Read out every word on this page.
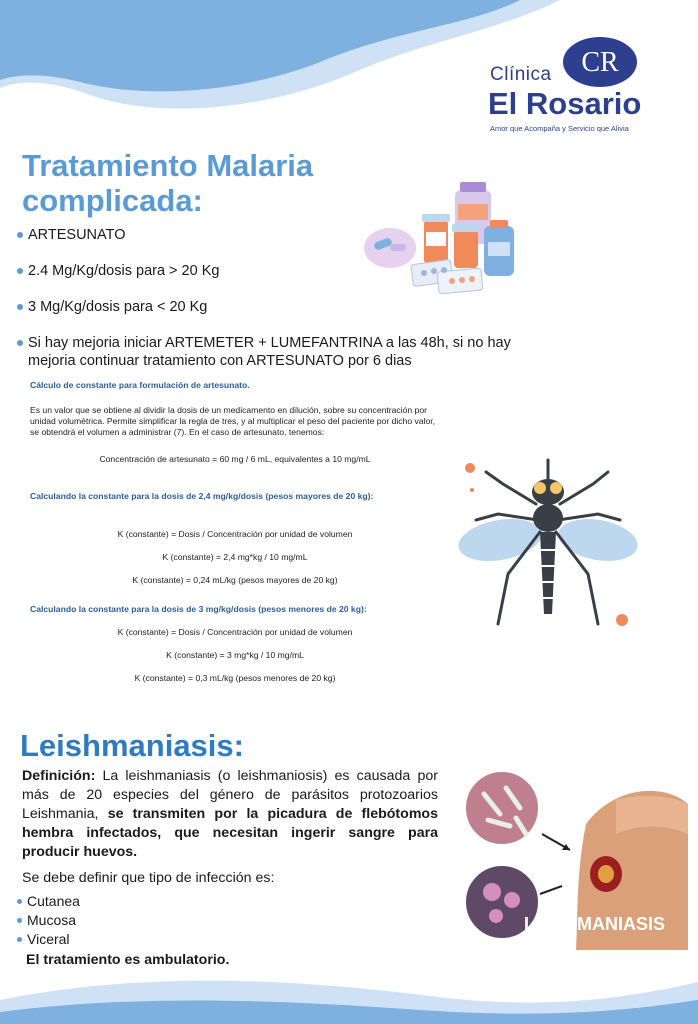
CR
Clínica
El Rosario
Amor que Acompaña y Servicio que Alivia
Tratamiento Malaria
complicada:
ARTESUNATO
2.4 Mg/Kg/dosis para > 20 Kg
3 Mg/Kg/dosis para < 20 Kg
Si hay mejoria iniciar ARTEMETER + LUMEFANTRINA a las 48h, si no hay mejoria continuar tratamiento con ARTESUNATO por 6 dias
Cálculo de constante para formulación de artesunato.
Es un valor que se obtiene al dividir la dosis de un medicamento en dilución, sobre su concentración por unidad volumétrica. Permite simplificar la regla de tres, y al multiplicar el peso del paciente por dicho valor, se obtendrá el volumen a administrar (7). En el caso de artesunato, tenemos:
Concentración de artesunato = 60 mg / 6 mL, equivalentes a 10 mg/mL
Calculando la constante para la dosis de 2,4 mg/kg/dosis (pesos mayores de 20 kg):
K (constante) = Dosis / Concentración por unidad de volumen
K (constante) = 2,4 mg*kg / 10 mg/mL
K (constante) = 0,24 mL/kg (pesos mayores de 20 kg)
Calculando la constante para la dosis de 3 mg/kg/dosis (pesos menores de 20 kg):
K (constante) = Dosis / Concentración por unidad de volumen
K (constante) = 3 mg*kg / 10 mg/mL
K (constante) = 0,3 mL/kg (pesos menores de 20 kg)
Leishmaniasis:
Definición: La leishmaniasis (o leishmaniosis) es causada por más de 20 especies del género de parásitos protozoarios Leishmania, se transmiten por la picadura de flebótomos hembra infectados, que necesitan ingerir sangre para producir huevos.
Se debe definir que tipo de infección es:
Cutanea
Mucosa
Viceral
El tratamiento es ambulatorio.
LEISHMANIASIS
